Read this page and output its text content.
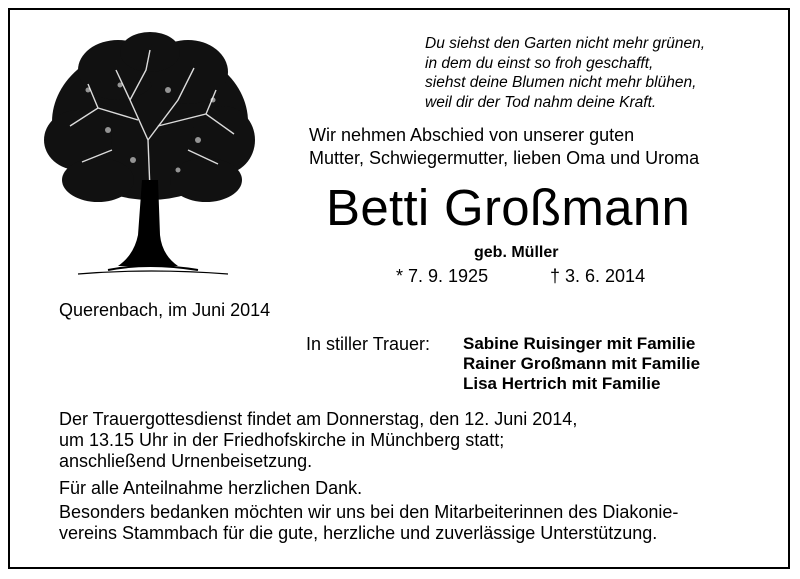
Du siehst den Garten nicht mehr grünen,
in dem du einst so froh geschafft,
siehst deine Blumen nicht mehr blühen,
weil dir der Tod nahm deine Kraft.
Wir nehmen Abschied von unserer guten
Mutter, Schwiegermutter, lieben Oma und Uroma
Betti Großmann
geb. Müller
* 7. 9. 1925	† 3. 6. 2014
Querenbach, im Juni 2014
In stiller Trauer: Sabine Ruisinger mit Familie
Rainer Großmann mit Familie
Lisa Hertrich mit Familie
Der Trauergottesdienst findet am Donnerstag, den 12. Juni 2014,
um 13.15 Uhr in der Friedhofskirche in Münchberg statt;
anschließend Urnenbeisetzung.
Für alle Anteilnahme herzlichen Dank.
Besonders bedanken möchten wir uns bei den Mitarbeiterinnen des Diakonie-
vereins Stammbach für die gute, herzliche und zuverlässige Unterstützung.
